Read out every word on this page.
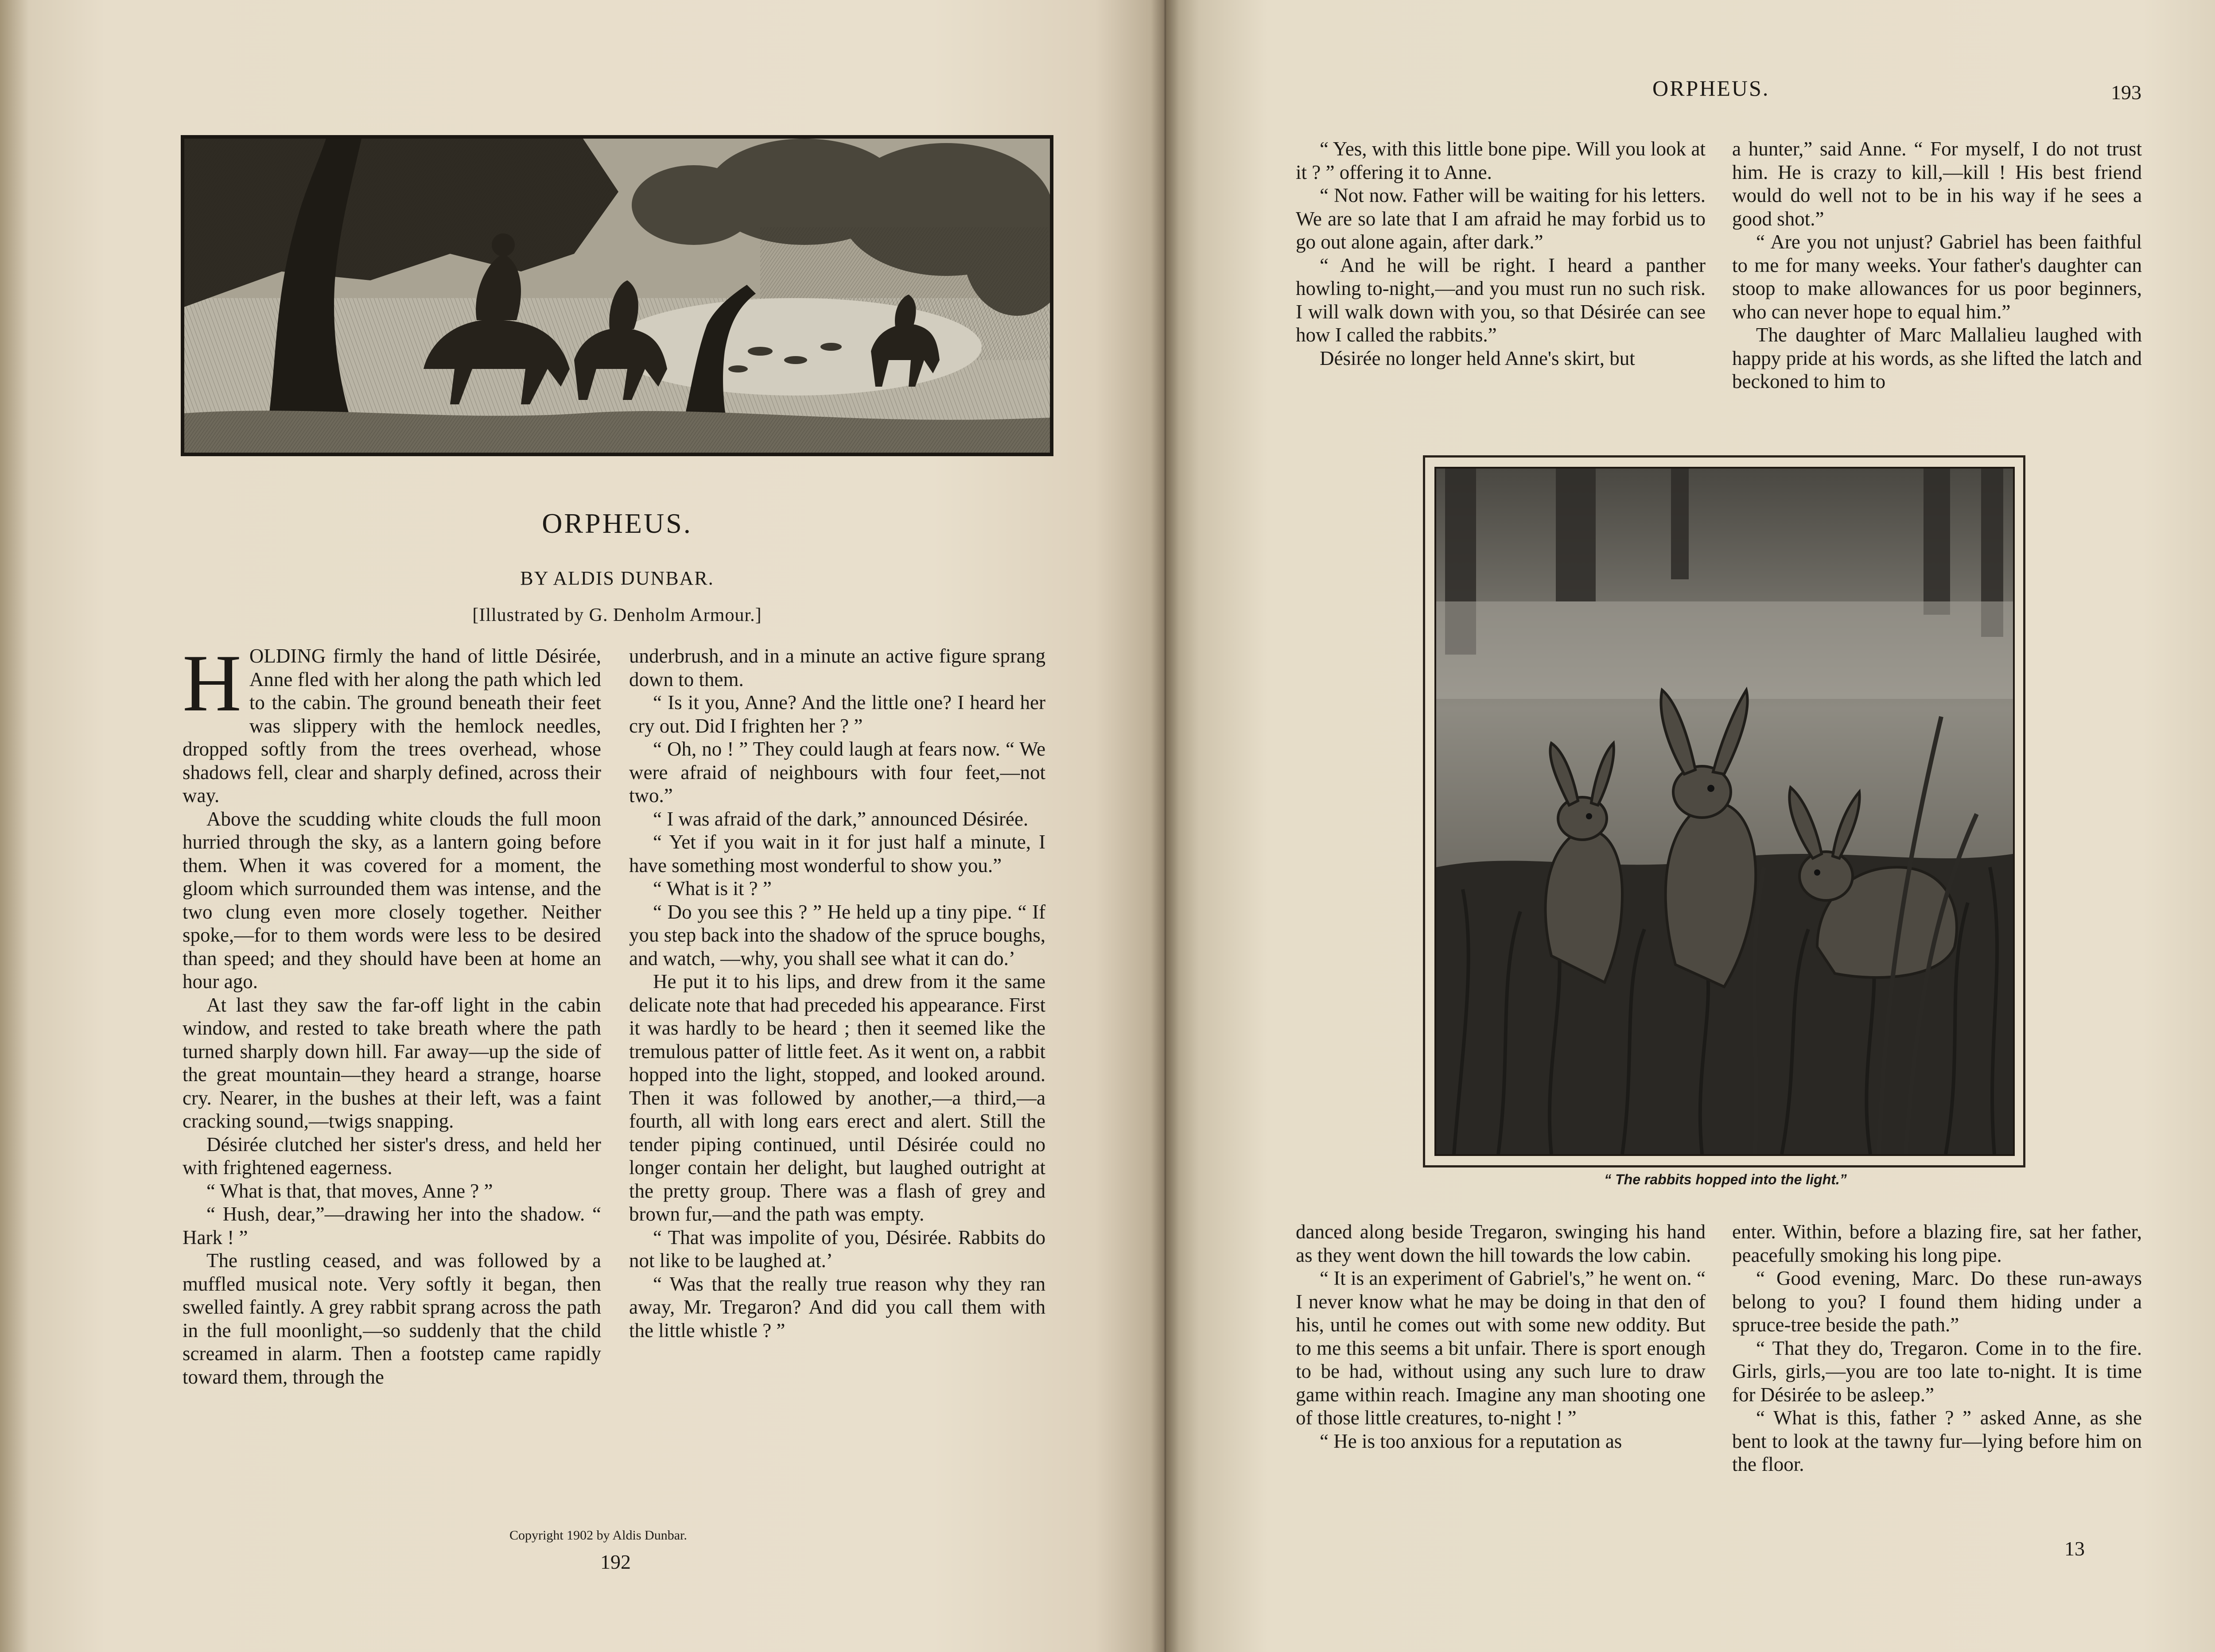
ORPHEUS.
BY ALDIS DUNBAR.
[Illustrated by G. Denholm Armour.]

HOLDING firmly the hand of little Désirée, Anne fled with her along the path which led to the cabin. The ground beneath their feet was slippery with the hemlock needles, dropped softly from the trees overhead, whose shadows fell, clear and sharply defined, across their way.

Above the scudding white clouds the full moon hurried through the sky, as a lantern going before them. When it was covered for a moment, the gloom which surrounded them was intense, and the two clung even more closely together. Neither spoke,—for to them words were less to be desired than speed; and they should have been at home an hour ago.

At last they saw the far-off light in the cabin window, and rested to take breath where the path turned sharply down hill. Far away—up the side of the great mountain—they heard a strange, hoarse cry. Nearer, in the bushes at their left, was a faint cracking sound,—twigs snapping.

Désirée clutched her sister's dress, and held her with frightened eagerness.

“ What is that, that moves, Anne ? ”

“ Hush, dear,”—drawing her into the shadow. “ Hark ! ”

The rustling ceased, and was followed by a muffled musical note. Very softly it began, then swelled faintly. A grey rabbit sprang across the path in the full moonlight,—so suddenly that the child screamed in alarm. Then a footstep came rapidly toward them, through the

underbrush, and in a minute an active figure sprang down to them.

“ Is it you, Anne? And the little one? I heard her cry out. Did I frighten her ? ”

“ Oh, no ! ” They could laugh at fears now. “ We were afraid of neighbours with four feet,—not two.”

“ I was afraid of the dark,” announced Désirée.

“ Yet if you wait in it for just half a minute, I have something most wonderful to show you.”

“ What is it ? ”

“ Do you see this ? ” He held up a tiny pipe. “ If you step back into the shadow of the spruce boughs, and watch, —why, you shall see what it can do.’

He put it to his lips, and drew from it the same delicate note that had preceded his appearance. First it was hardly to be heard ; then it seemed like the tremulous patter of little feet. As it went on, a rabbit hopped into the light, stopped, and looked around. Then it was followed by another,—a third,—a fourth, all with long ears erect and alert. Still the tender piping continued, until Désirée could no longer contain her delight, but laughed outright at the pretty group. There was a flash of grey and brown fur,—and the path was empty.

“ That was impolite of you, Désirée. Rabbits do not like to be laughed at.’

“ Was that the really true reason why they ran away, Mr. Tregaron? And did you call them with the little whistle ? ”

Copyright 1902 by Aldis Dunbar.
192
ORPHEUS.	193

“ Yes, with this little bone pipe. Will you look at it ? ” offering it to Anne.

“ Not now. Father will be waiting for his letters. We are so late that I am afraid he may forbid us to go out alone again, after dark.”

“ And he will be right. I heard a panther howling to-night,—and you must run no such risk. I will walk down with you, so that Désirée can see how I called the rabbits.”

Désirée no longer held Anne's skirt, but

a hunter,” said Anne. “ For myself, I do not trust him. He is crazy to kill,—kill ! His best friend would do well not to be in his way if he sees a good shot.”

“ Are you not unjust? Gabriel has been faithful to me for many weeks. Your father's daughter can stoop to make allowances for us poor beginners, who can never hope to equal him.”

The daughter of Marc Mallalieu laughed with happy pride at his words, as she lifted the latch and beckoned to him to

“ The rabbits hopped into the light.”

danced along beside Tregaron, swinging his hand as they went down the hill towards the low cabin.

“ It is an experiment of Gabriel's,” he went on. “ I never know what he may be doing in that den of his, until he comes out with some new oddity. But to me this seems a bit unfair. There is sport enough to be had, without using any such lure to draw game within reach. Imagine any man shooting one of those little creatures, to-night ! ”

“ He is too anxious for a reputation as

enter. Within, before a blazing fire, sat her father, peacefully smoking his long pipe.

“ Good evening, Marc. Do these run-aways belong to you? I found them hiding under a spruce-tree beside the path.”

“ That they do, Tregaron. Come in to the fire. Girls, girls,—you are too late to-night. It is time for Désirée to be asleep.”

“ What is this, father ? ” asked Anne, as she bent to look at the tawny fur—lying before him on the floor.

13
